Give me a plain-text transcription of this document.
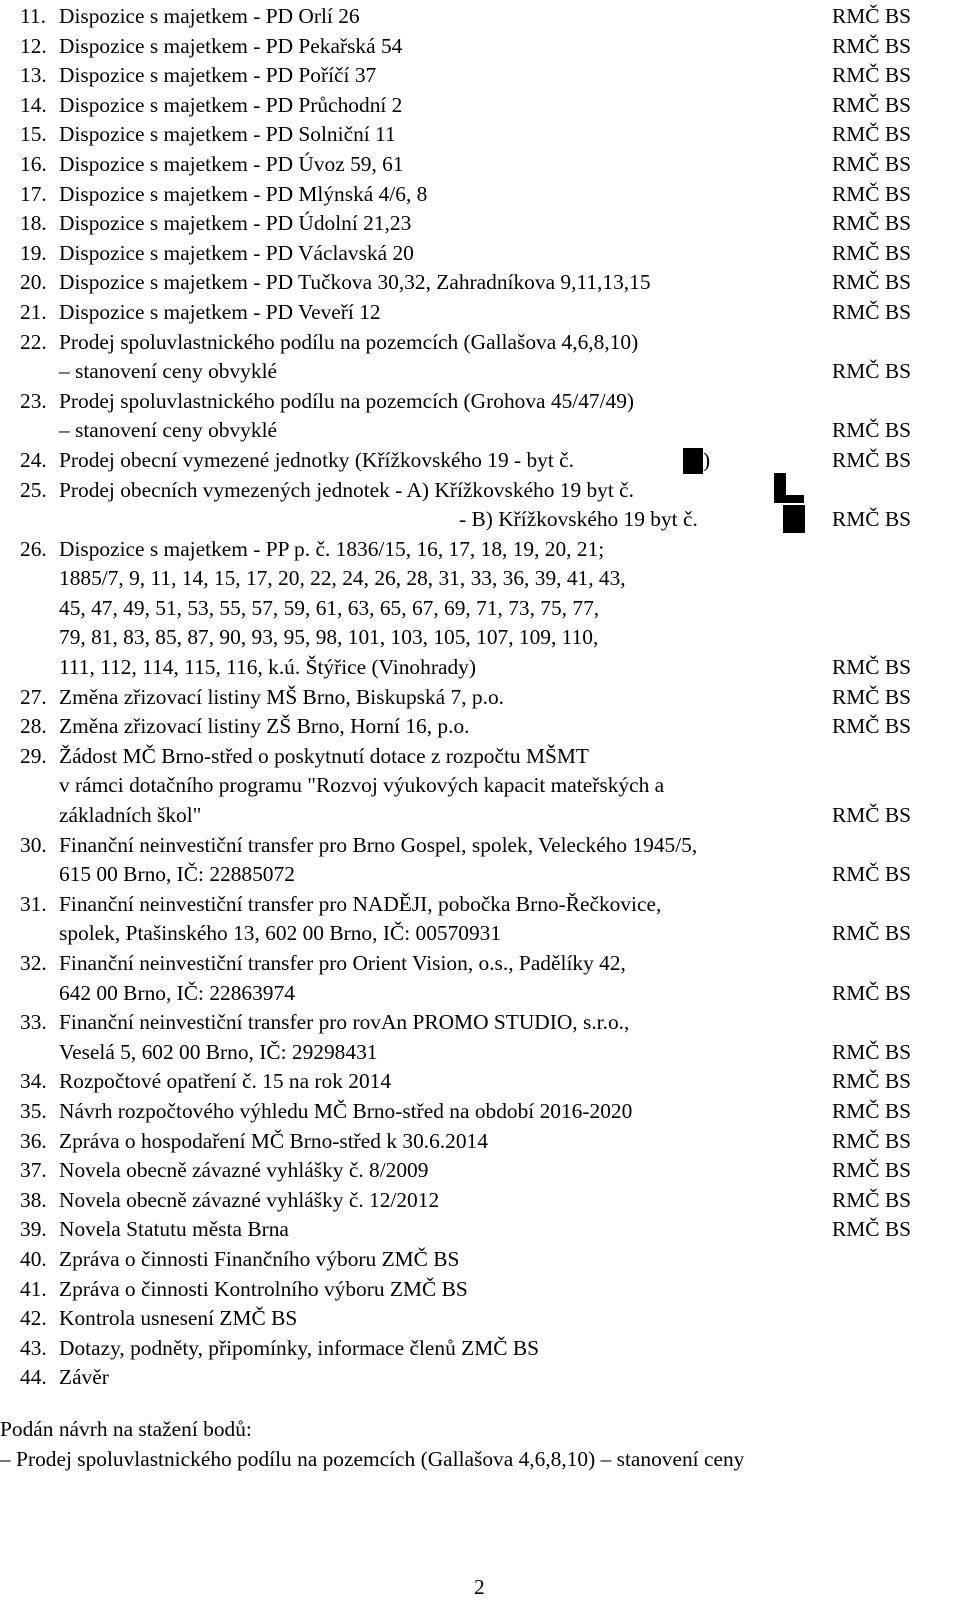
11. Dispozice s majetkem - PD Orlí 26	RMČ BS
12. Dispozice s majetkem - PD Pekařská 54	RMČ BS
13. Dispozice s majetkem - PD Poříčí 37	RMČ BS
14. Dispozice s majetkem - PD Průchodní 2	RMČ BS
15. Dispozice s majetkem - PD Solniční 11	RMČ BS
16. Dispozice s majetkem - PD Úvoz 59, 61	RMČ BS
17. Dispozice s majetkem - PD Mlýnská 4/6, 8	RMČ BS
18. Dispozice s majetkem - PD Údolní 21,23	RMČ BS
19. Dispozice s majetkem - PD Václavská 20	RMČ BS
20. Dispozice s majetkem - PD Tučkova 30,32, Zahradníkova 9,11,13,15	RMČ BS
21. Dispozice s majetkem - PD Veveří 12	RMČ BS
22. Prodej spoluvlastnického podílu na pozemcích (Gallašova 4,6,8,10)
– stanovení ceny obvyklé	RMČ BS
23. Prodej spoluvlastnického podílu na pozemcích (Grohova 45/47/49)
– stanovení ceny obvyklé	RMČ BS
24. Prodej obecní vymezené jednotky (Křížkovského 19 - byt č.	)	RMČ BS
25. Prodej obecních vymezených jednotek - A) Křížkovského 19 byt č.
- B) Křížkovského 19 byt č.	RMČ BS
26. Dispozice s majetkem - PP p. č. 1836/15, 16, 17, 18, 19, 20, 21;
1885/7, 9, 11, 14, 15, 17, 20, 22, 24, 26, 28, 31, 33, 36, 39, 41, 43,
45, 47, 49, 51, 53, 55, 57, 59, 61, 63, 65, 67, 69, 71, 73, 75, 77,
79, 81, 83, 85, 87, 90, 93, 95, 98, 101, 103, 105, 107, 109, 110,
111, 112, 114, 115, 116, k.ú. Štýřice (Vinohrady)	RMČ BS
27. Změna zřizovací listiny MŠ Brno, Biskupská 7, p.o.	RMČ BS
28. Změna zřizovací listiny ZŠ Brno, Horní 16, p.o.	RMČ BS
29. Žádost MČ Brno-střed o poskytnutí dotace z rozpočtu MŠMT
v rámci dotačního programu "Rozvoj výukových kapacit mateřských a
základních škol"	RMČ BS
30. Finanční neinvestiční transfer pro Brno Gospel, spolek, Veleckého 1945/5,
615 00 Brno, IČ: 22885072	RMČ BS
31. Finanční neinvestiční transfer pro NADĚJI, pobočka Brno-Řečkovice,
spolek, Ptašinského 13, 602 00 Brno, IČ: 00570931	RMČ BS
32. Finanční neinvestiční transfer pro Orient Vision, o.s., Padělíky 42,
642 00 Brno, IČ: 22863974	RMČ BS
33. Finanční neinvestiční transfer pro rovAn PROMO STUDIO, s.r.o.,
Veselá 5, 602 00 Brno, IČ: 29298431	RMČ BS
34. Rozpočtové opatření č. 15 na rok 2014	RMČ BS
35. Návrh rozpočtového výhledu MČ Brno-střed na období 2016-2020	RMČ BS
36. Zpráva o hospodaření MČ Brno-střed k 30.6.2014	RMČ BS
37. Novela obecně závazné vyhlášky č. 8/2009	RMČ BS
38. Novela obecně závazné vyhlášky č. 12/2012	RMČ BS
39. Novela Statutu města Brna	RMČ BS
40. Zpráva o činnosti Finančního výboru ZMČ BS
41. Zpráva o činnosti Kontrolního výboru ZMČ BS
42. Kontrola usnesení ZMČ BS
43. Dotazy, podněty, připomínky, informace členů ZMČ BS
44. Závěr
Podán návrh na stažení bodů:
– Prodej spoluvlastnického podílu na pozemcích (Gallašova 4,6,8,10) – stanovení ceny
2
